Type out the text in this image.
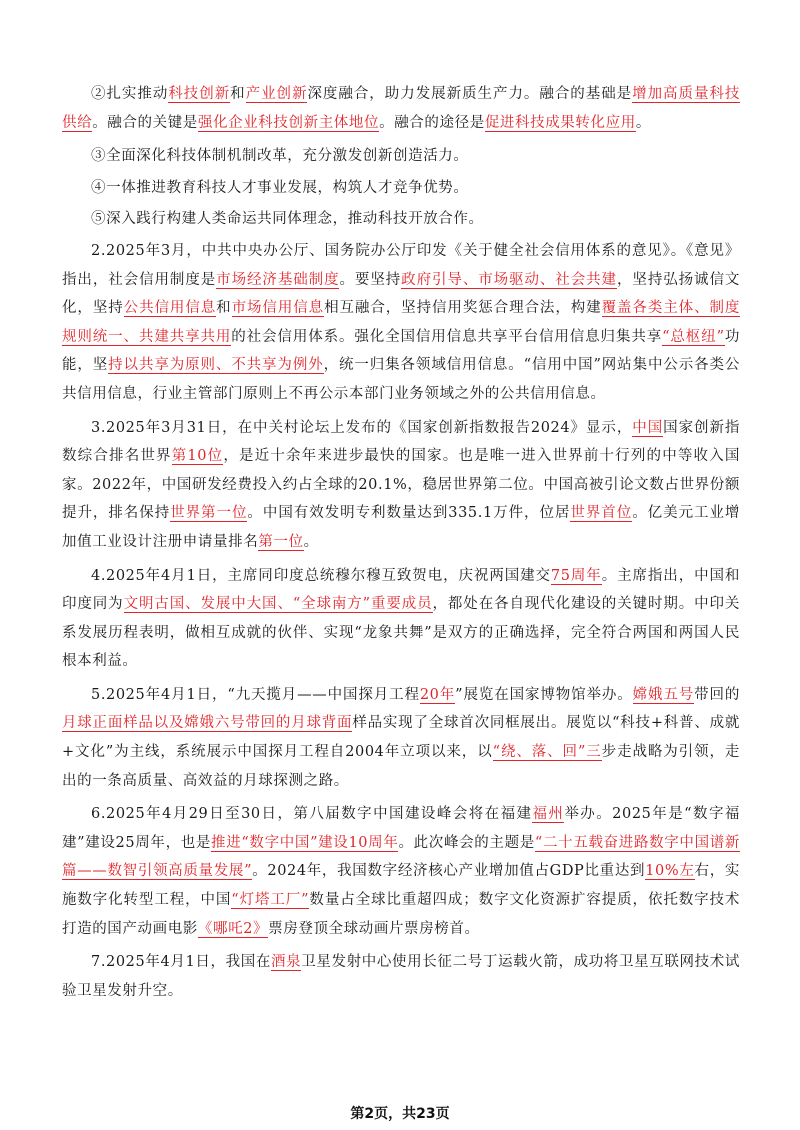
②扎实推动科技创新和产业创新深度融合，助力发展新质生产力。融合的基础是增加高质量科技供给。融合的关键是强化企业科技创新主体地位。融合的途径是促进科技成果转化应用。

③全面深化科技体制机制改革，充分激发创新创造活力。

④一体推进教育科技人才事业发展，构筑人才竞争优势。

⑤深入践行构建人类命运共同体理念，推动科技开放合作。

2.2025年3月，中共中央办公厅、国务院办公厅印发《关于健全社会信用体系的意见》。《意见》指出，社会信用制度是市场经济基础制度。要坚持政府引导、市场驱动、社会共建，坚持弘扬诚信文化，坚持公共信用信息和市场信用信息相互融合，坚持信用奖惩合理合法，构建覆盖各类主体、制度规则统一、共建共享共用的社会信用体系。强化全国信用信息共享平台信用信息归集共享“总枢纽”功能，坚持以共享为原则、不共享为例外，统一归集各领域信用信息。“信用中国”网站集中公示各类公共信用信息，行业主管部门原则上不再公示本部门业务领域之外的公共信用信息。

3.2025年3月31日，在中关村论坛上发布的《国家创新指数报告2024》显示，中国国家创新指数综合排名世界第10位，是近十余年来进步最快的国家。也是唯一进入世界前十行列的中等收入国家。2022年，中国研发经费投入约占全球的20.1%，稳居世界第二位。中国高被引论文数占世界份额提升，排名保持世界第一位。中国有效发明专利数量达到335.1万件，位居世界首位。亿美元工业增加值工业设计注册申请量排名第一位。

4.2025年4月1日，主席同印度总统穆尔穆互致贺电，庆祝两国建交75周年。主席指出，中国和印度同为文明古国、发展中大国、“全球南方”重要成员，都处在各自现代化建设的关键时期。中印关系发展历程表明，做相互成就的伙伴、实现“龙象共舞”是双方的正确选择，完全符合两国和两国人民根本利益。

5.2025年4月1日，“九天揽月——中国探月工程20年”展览在国家博物馆举办。嫦娥五号带回的月球正面样品以及嫦娥六号带回的月球背面样品实现了全球首次同框展出。展览以“科技+科普、成就+文化”为主线，系统展示中国探月工程自2004年立项以来，以“绕、落、回”三步走战略为引领，走出的一条高质量、高效益的月球探测之路。

6.2025年4月29日至30日，第八届数字中国建设峰会将在福建福州举办。2025年是“数字福建”建设25周年，也是推进“数字中国”建设10周年。此次峰会的主题是“二十五载奋进路数字中国谱新篇——数智引领高质量发展”。2024年，我国数字经济核心产业增加值占GDP比重达到10%左右，实施数字化转型工程，中国“灯塔工厂”数量占全球比重超四成；数字文化资源扩容提质，依托数字技术打造的国产动画电影《哪吒2》票房登顶全球动画片票房榜首。

7.2025年4月1日，我国在酒泉卫星发射中心使用长征二号丁运载火箭，成功将卫星互联网技术试验卫星发射升空。

第2页，共23页
